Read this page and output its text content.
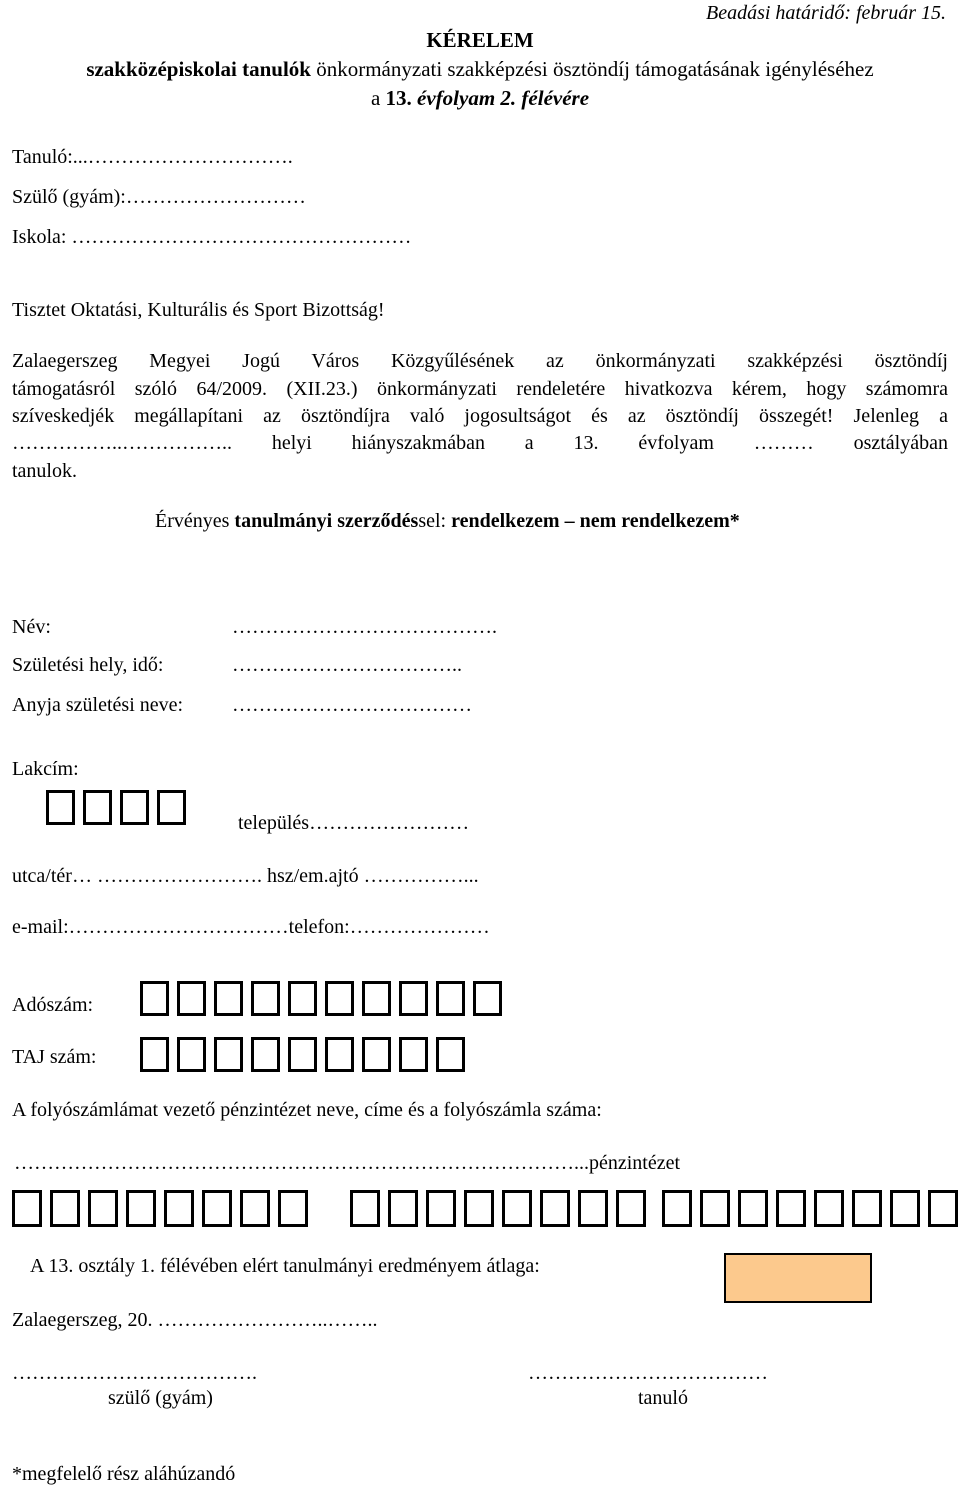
Beadási határidő: február 15.
KÉRELEM
szakközépiskolai tanulók önkormányzati szakképzési ösztöndíj támogatásának igényléséhez
a 13. évfolyam 2. félévére
Tanuló:...………………………….
Szülő (gyám):………………………
Iskola: ……………………………………………
Tisztet Oktatási, Kulturális és Sport Bizottság!
Zalaegerszeg Megyei Jogú Város Közgyűlésének az önkormányzati szakképzési ösztöndíj
támogatásról szóló 64/2009. (XII.23.) önkormányzati rendeletére hivatkozva kérem, hogy számomra
szíveskedjék megállapítani az ösztöndíjra való jogosultságot és az ösztöndíj összegét! Jelenleg a
……………..…………….. helyi hiányszakmában a 13. évfolyam ……… osztályában
tanulok.
Érvényes tanulmányi szerződéssel: rendelkezem – nem rendelkezem*
Név:	………………………………….
Születési hely, idő:	……………………………..
Anyja születési neve: ………………………………
Lakcím:
település……………………
utca/tér… ……………………. hsz/em.ajtó ……………...
e-mail:……………………………telefon:…………………
Adószám:
TAJ szám:
A folyószámlámat vezető pénzintézet neve, címe és a folyószámla száma:
…………………………………………………………………………...pénzintézet
A 13. osztály 1. félévében elért tanulmányi eredményem átlaga:
Zalaegerszeg, 20. ……………………..……..
……………………………….
szülő (gyám)
………………………………
tanuló
*megfelelő rész aláhúzandó
